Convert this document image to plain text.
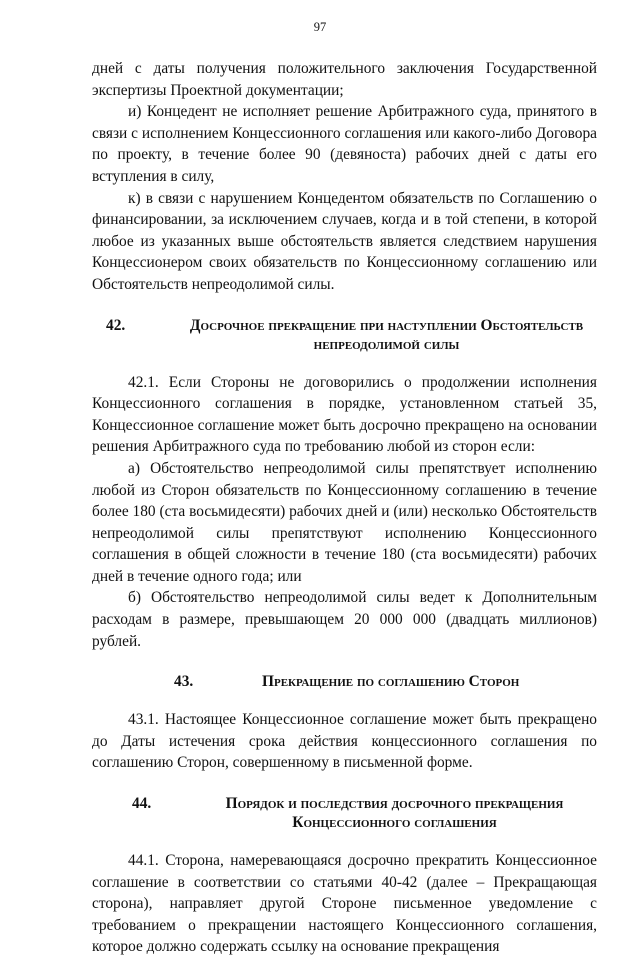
97

дней с даты получения положительного заключения Государственной экспертизы Проектной документации;

и) Концедент не исполняет решение Арбитражного суда, принятого в связи с исполнением Концессионного соглашения или какого-либо Договора по проекту, в течение более 90 (девяноста) рабочих дней с даты его вступления в силу,

к) в связи с нарушением Концедентом обязательств по Соглашению о финансировании, за исключением случаев, когда и в той степени, в которой любое из указанных выше обстоятельств является следствием нарушения Концессионером своих обязательств по Концессионному соглашению или Обстоятельств непреодолимой силы.

42.	Досрочное прекращение при наступлении Обстоятельств
непреодолимой силы

42.1. Если Стороны не договорились о продолжении исполнения Концессионного соглашения в порядке, установленном статьей 35, Концессионное соглашение может быть досрочно прекращено на основании решения Арбитражного суда по требованию любой из сторон если:

а) Обстоятельство непреодолимой силы препятствует исполнению любой из Сторон обязательств по Концессионному соглашению в течение более 180 (ста восьмидесяти) рабочих дней и (или) несколько Обстоятельств непреодолимой силы препятствуют исполнению Концессионного соглашения в общей сложности в течение 180 (ста восьмидесяти) рабочих дней в течение одного года; или

б) Обстоятельство непреодолимой силы ведет к Дополнительным расходам в размере, превышающем 20 000 000 (двадцать миллионов) рублей.

43.	Прекращение по соглашению Сторон

43.1. Настоящее Концессионное соглашение может быть прекращено до Даты истечения срока действия концессионного соглашения по соглашению Сторон, совершенному в письменной форме.

44.	Порядок и последствия досрочного прекращения
Концессионного соглашения

44.1. Сторона, намеревающаяся досрочно прекратить Концессионное соглашение в соответствии со статьями 40-42 (далее – Прекращающая сторона), направляет другой Стороне письменное уведомление с требованием о прекращении настоящего Концессионного соглашения, которое должно содержать ссылку на основание прекращения
